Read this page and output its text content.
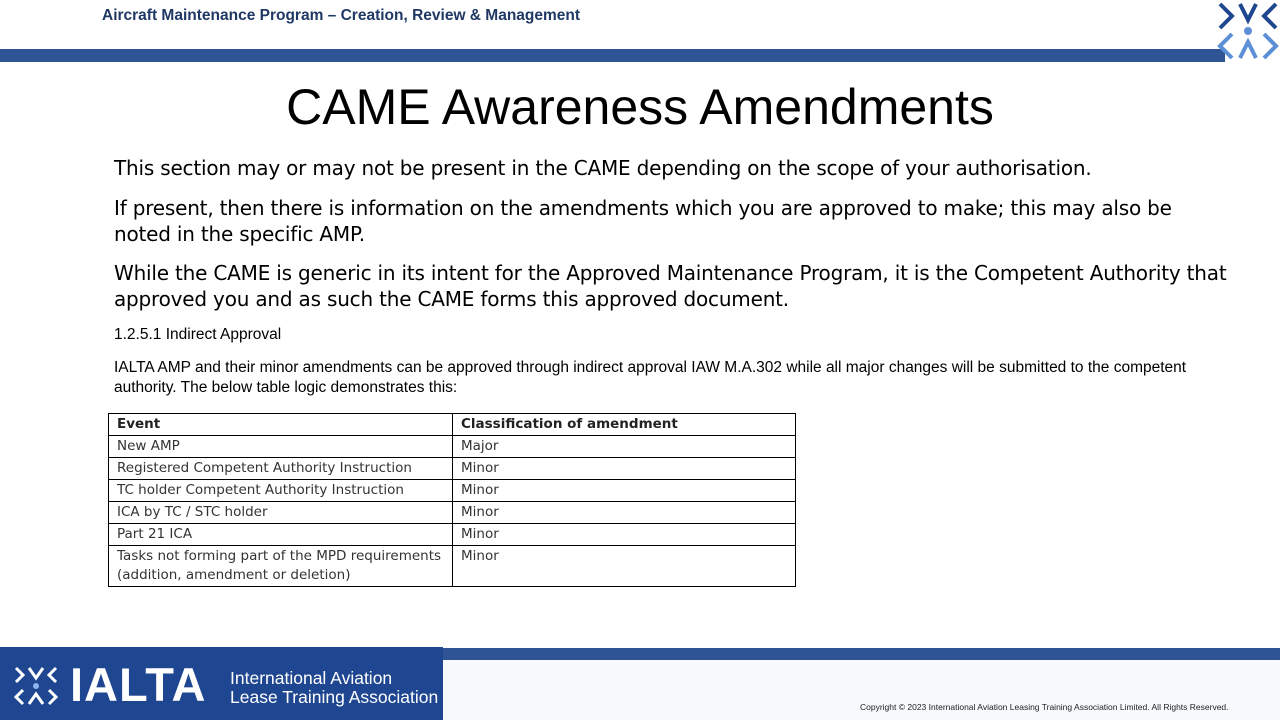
Aircraft Maintenance Program – Creation, Review & Management
CAME Awareness Amendments
This section may or may not be present in the CAME depending on the scope of your authorisation.
If present, then there is information on the amendments which you are approved to make; this may also be noted in the specific AMP.
While the CAME is generic in its intent for the Approved Maintenance Program, it is the Competent Authority that approved you and as such the CAME forms this approved document.
1.2.5.1 Indirect Approval
IALTA AMP and their minor amendments can be approved through indirect approval IAW M.A.302 while all major changes will be submitted to the competent authority. The below table logic demonstrates this:
Event	Classification of amendment
New AMP	Major
Registered Competent Authority Instruction	Minor
TC holder Competent Authority Instruction	Minor
ICA by TC / STC holder	Minor
Part 21 ICA	Minor
Tasks not forming part of the MPD requirements (addition, amendment or deletion)	Minor
IALTA International Aviation
Lease Training Association	Copyright © 2023 International Aviation Leasing Training Association Limited. All Rights Reserved.
